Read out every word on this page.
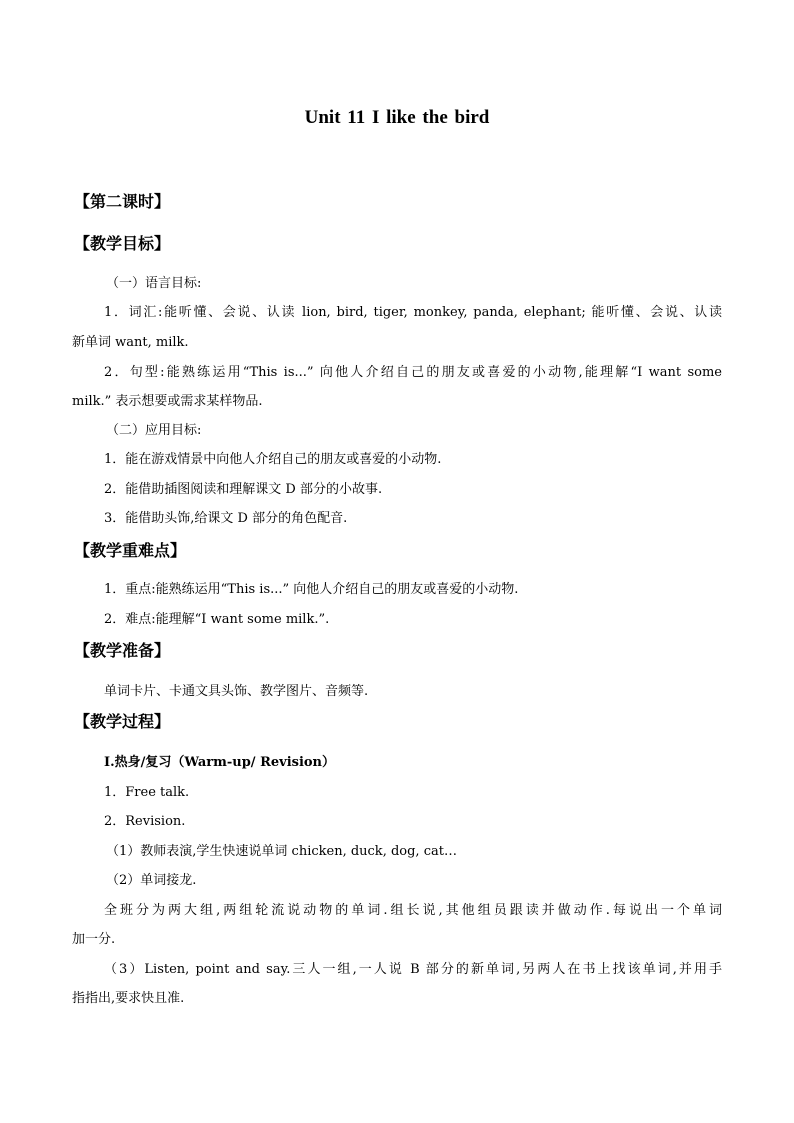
Unit 11 I like the bird
【第二课时】
【教学目标】
（一）语言目标:
1．词汇:能听懂、会说、认读 lion, bird, tiger, monkey, panda, elephant; 能听懂、会说、认读
新单词 want, milk.
2．句型:能熟练运用“This is...” 向他人介绍自己的朋友或喜爱的小动物,能理解“I want some
milk.” 表示想要或需求某样物品.
（二）应用目标:
1．能在游戏情景中向他人介绍自己的朋友或喜爱的小动物.
2．能借助插图阅读和理解课文 D 部分的小故事.
3．能借助头饰,给课文 D 部分的角色配音.
【教学重难点】
1．重点:能熟练运用“This is...” 向他人介绍自己的朋友或喜爱的小动物.
2．难点:能理解“I want some milk.”.
【教学准备】
单词卡片、卡通文具头饰、教学图片、音频等.
【教学过程】
I.热身/复习（Warm-up/ Revision）
1．Free talk.
2．Revision.
（1）教师表演,学生快速说单词 chicken, duck, dog, cat…
（2）单词接龙.
全班分为两大组,两组轮流说动物的单词.组长说,其他组员跟读并做动作.每说出一个单词
加一分.
（3）Listen, point and say.三人一组,一人说 B 部分的新单词,另两人在书上找该单词,并用手
指指出,要求快且准.
